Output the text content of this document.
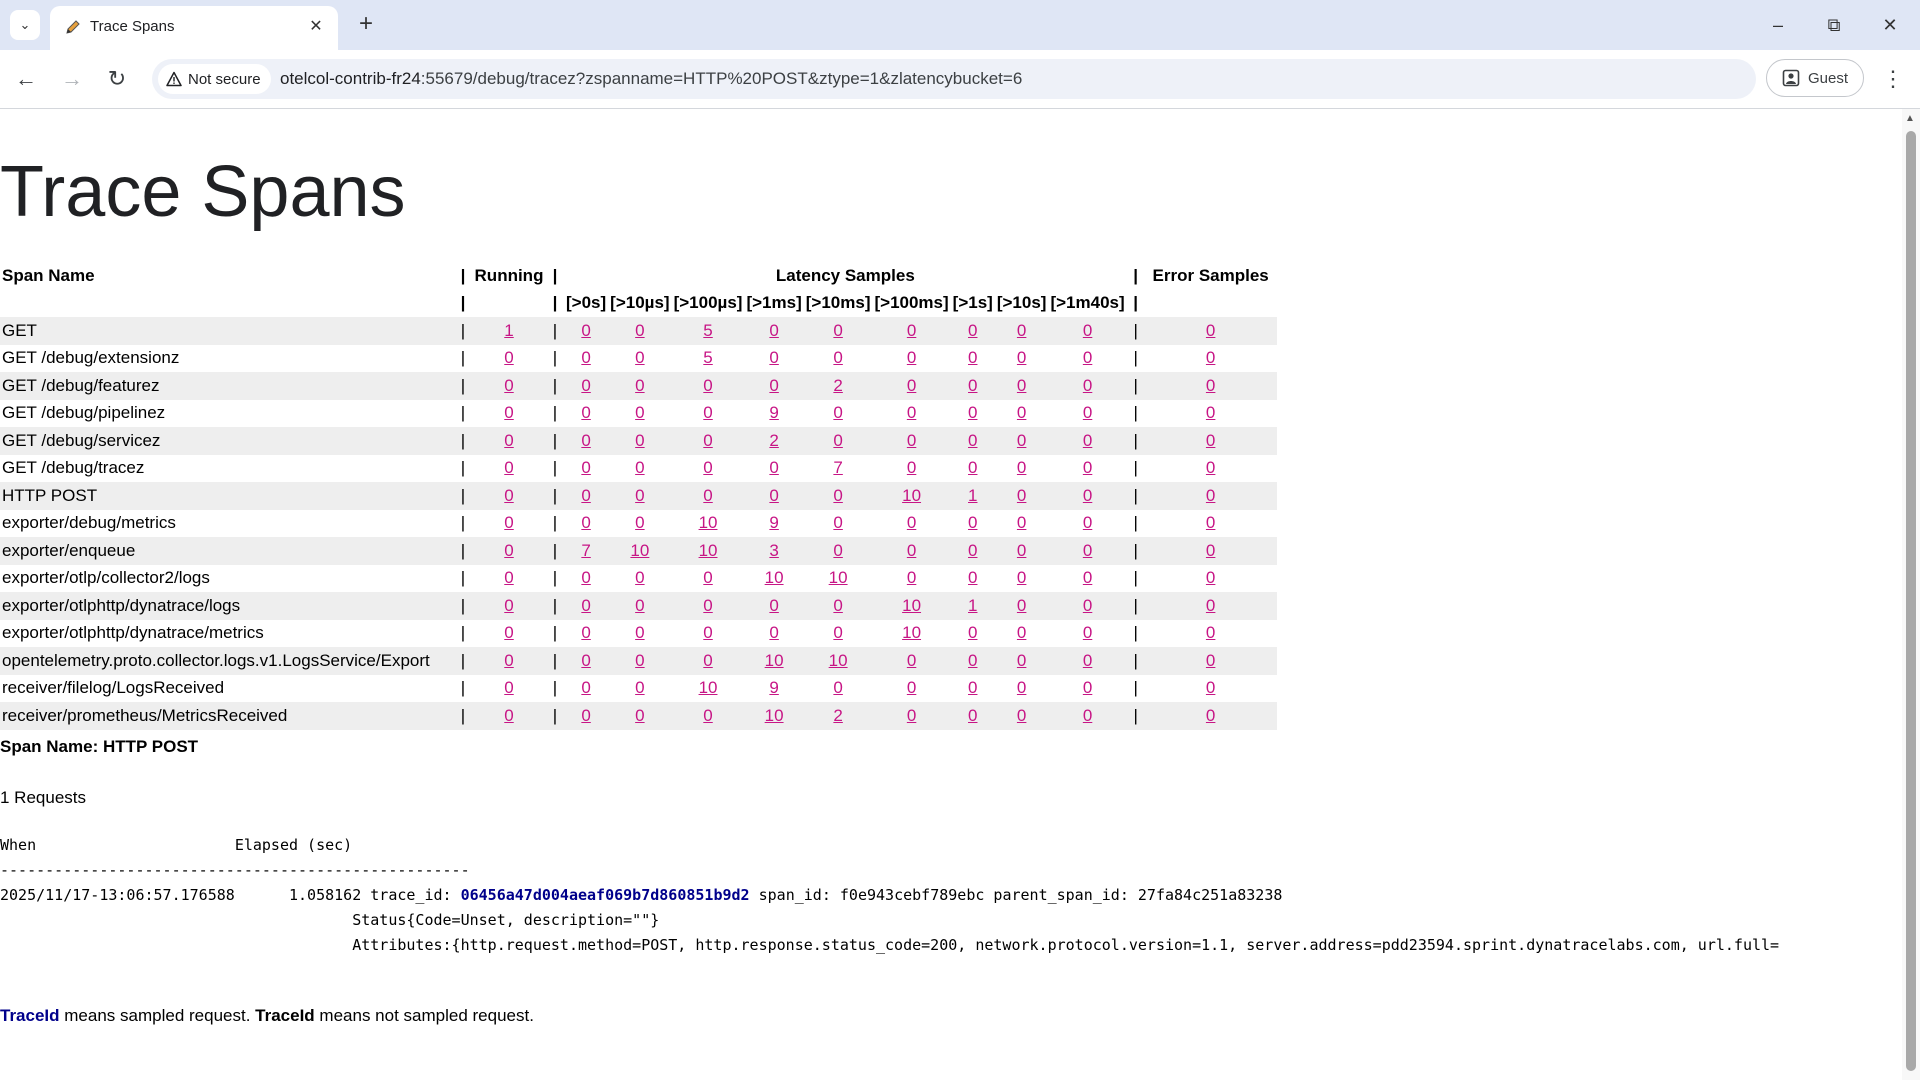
⌄	Trace Spans	✕ +	–	⧉	✕
← →	↻	Not secure otelcol-contrib-fr24:55679/debug/tracez?zspanname=HTTP%20POST&ztype=1&zlatencybucket=6	Guest ⋮
Trace Spans
Span Name	|	Running	|	Latency Samples									|	Error Samples
	|		|	[>0s]	[>10µs]	[>100µs]	[>1ms]	[>10ms]	[>100ms]	[>1s]	[>10s]	[>1m40s]	|	
GET	|	1	|	0	0	5	0	0	0	0	0	0	|	0
GET /debug/extensionz	|	0	|	0	0	5	0	0	0	0	0	0	|	0
GET /debug/featurez	|	0	|	0	0	0	0	2	0	0	0	0	|	0
GET /debug/pipelinez	|	0	|	0	0	0	9	0	0	0	0	0	|	0
GET /debug/servicez	|	0	|	0	0	0	2	0	0	0	0	0	|	0
GET /debug/tracez	|	0	|	0	0	0	0	7	0	0	0	0	|	0
HTTP POST	|	0	|	0	0	0	0	0	10	1	0	0	|	0
exporter/debug/metrics	|	0	|	0	0	10	9	0	0	0	0	0	|	0
exporter/enqueue	|	0	|	7	10	10	3	0	0	0	0	0	|	0
exporter/otlp/collector2/logs	|	0	|	0	0	0	10	10	0	0	0	0	|	0
exporter/otlphttp/dynatrace/logs	|	0	|	0	0	0	0	0	10	1	0	0	|	0
exporter/otlphttp/dynatrace/metrics	|	0	|	0	0	0	0	0	10	0	0	0	|	0
opentelemetry.proto.collector.logs.v1.LogsService/Export	|	0	|	0	0	0	10	10	0	0	0	0	|	0
receiver/filelog/LogsReceived	|	0	|	0	0	10	9	0	0	0	0	0	|	0
receiver/prometheus/MetricsReceived	|	0	|	0	0	0	10	2	0	0	0	0	|	0
Span Name: HTTP POST
1 Requests
When	Elapsed (sec)
----------------------------------------------------
2025/11/17-13:06:57.176588	1.058162 trace_id: 06456a47d004aeaf069b7d860851b9d2 span_id: f0e943cebf789ebc parent_span_id: 27fa84c251a83238
Status{Code=Unset, description=""}
Attributes:{http.request.method=POST, http.response.status_code=200, network.protocol.version=1.1, server.address=pdd23594.sprint.dynatracelabs.com, url.full=
TraceId means sampled request. TraceId means not sampled request.
▲
